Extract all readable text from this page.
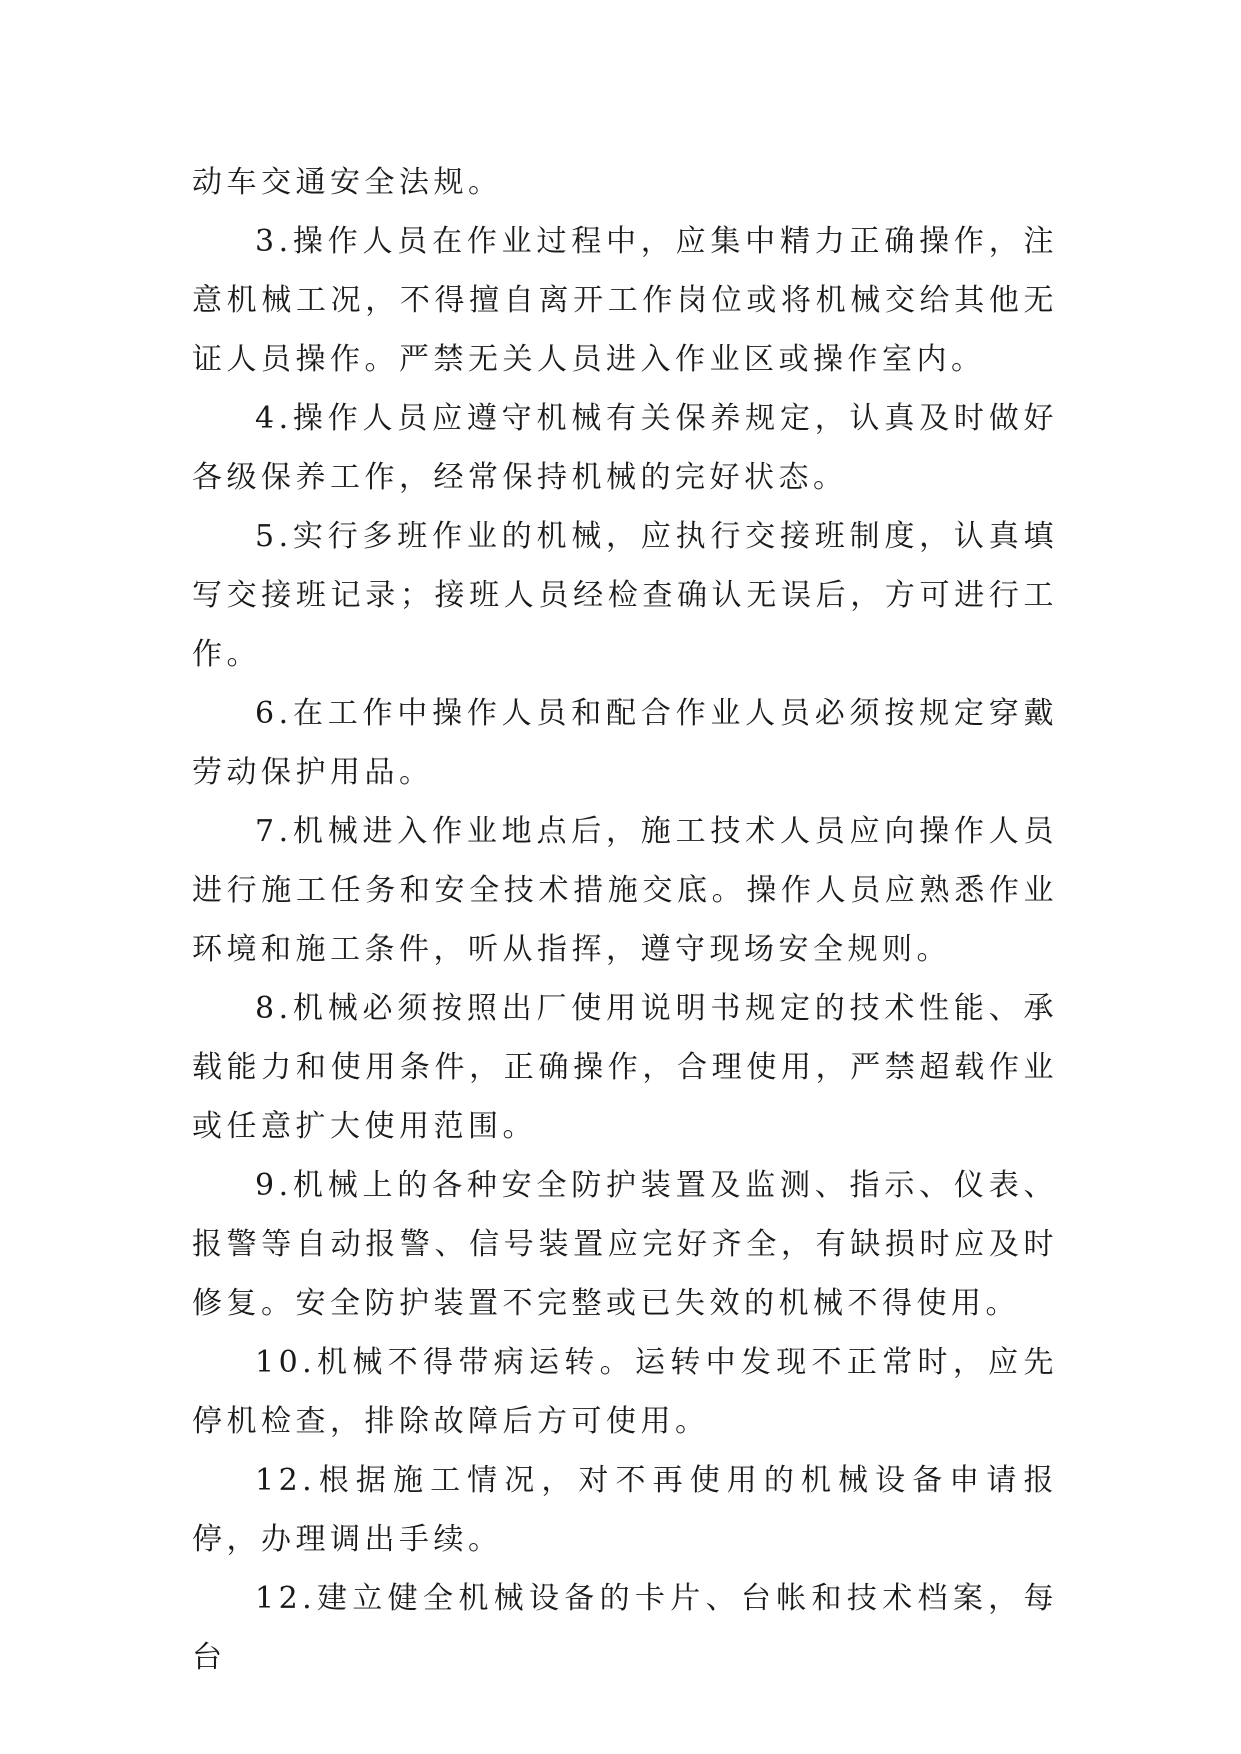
动车交通安全法规。

3.操作人员在作业过程中，应集中精力正确操作，注意机械工况，不得擅自离开工作岗位或将机械交给其他无证人员操作。严禁无关人员进入作业区或操作室内。

4.操作人员应遵守机械有关保养规定，认真及时做好各级保养工作，经常保持机械的完好状态。

5.实行多班作业的机械，应执行交接班制度，认真填写交接班记录；接班人员经检查确认无误后，方可进行工作。

6.在工作中操作人员和配合作业人员必须按规定穿戴劳动保护用品。

7.机械进入作业地点后，施工技术人员应向操作人员进行施工任务和安全技术措施交底。操作人员应熟悉作业环境和施工条件，听从指挥，遵守现场安全规则。

8.机械必须按照出厂使用说明书规定的技术性能、承载能力和使用条件，正确操作，合理使用，严禁超载作业或任意扩大使用范围。

9.机械上的各种安全防护装置及监测、指示、仪表、报警等自动报警、信号装置应完好齐全，有缺损时应及时修复。安全防护装置不完整或已失效的机械不得使用。

10.机械不得带病运转。运转中发现不正常时，应先停机检查，排除故障后方可使用。

12.根据施工情况，对不再使用的机械设备申请报停，办理调出手续。

12.建立健全机械设备的卡片、台帐和技术档案，每台
